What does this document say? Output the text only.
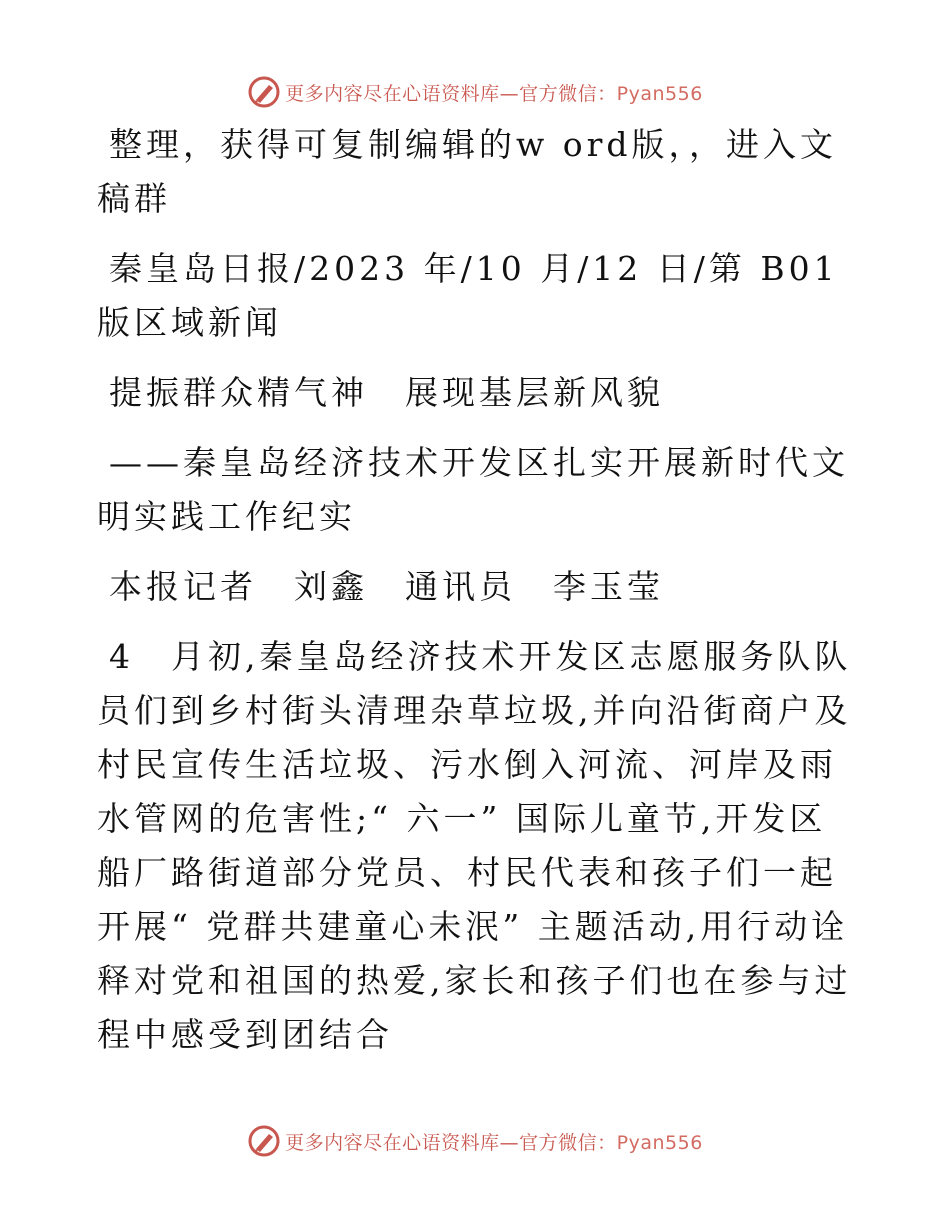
更多内容尽在心语资料库—官方微信：Pyan556

整理，获得可复制编辑的w ord版，，进入文稿群

秦皇岛日报/2023 年/10 月/12 日/第 B01 版区域新闻

提振群众精气神　展现基层新风貌

——秦皇岛经济技术开发区扎实开展新时代文明实践工作纪实

本报记者　刘鑫　通讯员　李玉莹

4　月初,秦皇岛经济技术开发区志愿服务队队员们到乡村街头清理杂草垃圾,并向沿街商户及村民宣传生活垃圾、污水倒入河流、河岸及雨水管网的危害性;“ 六一” 国际儿童节,开发区船厂路街道部分党员、村民代表和孩子们一起开展“ 党群共建童心未泯” 主题活动,用行动诠释对党和祖国的热爱,家长和孩子们也在参与过程中感受到团结合

更多内容尽在心语资料库—官方微信：Pyan556
